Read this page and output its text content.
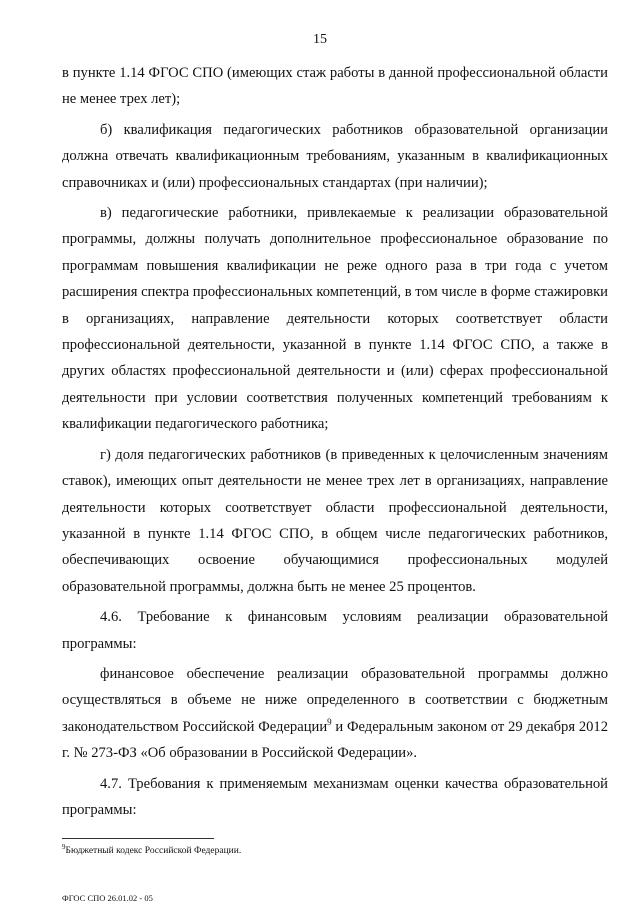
15

в пункте 1.14 ФГОС СПО (имеющих стаж работы в данной профессиональной области не менее трех лет);

б) квалификация педагогических работников образовательной организации должна отвечать квалификационным требованиям, указанным в квалификационных справочниках и (или) профессиональных стандартах (при наличии);

в) педагогические работники, привлекаемые к реализации образовательной программы, должны получать дополнительное профессиональное образование по программам повышения квалификации не реже одного раза в три года с учетом расширения спектра профессиональных компетенций, в том числе в форме стажировки в организациях, направление деятельности которых соответствует области профессиональной деятельности, указанной в пункте 1.14 ФГОС СПО, а также в других областях профессиональной деятельности и (или) сферах профессиональной деятельности при условии соответствия полученных компетенций требованиям к квалификации педагогического работника;

г) доля педагогических работников (в приведенных к целочисленным значениям ставок), имеющих опыт деятельности не менее трех лет в организациях, направление деятельности которых соответствует области профессиональной деятельности, указанной в пункте 1.14 ФГОС СПО, в общем числе педагогических работников, обеспечивающих освоение обучающимися профессиональных модулей образовательной программы, должна быть не менее 25 процентов.

4.6. Требование к финансовым условиям реализации образовательной программы:

финансовое обеспечение реализации образовательной программы должно осуществляться в объеме не ниже определенного в соответствии с бюджетным законодательством Российской Федерации$^9$ и Федеральным законом от 29 декабря 2012 г. № 273-ФЗ «Об образовании в Российской Федерации».

4.7. Требования к применяемым механизмам оценки качества образовательной программы:

$^9$Бюджетный кодекс Российской Федерации.
ФГОС СПО 26.01.02 - 05
